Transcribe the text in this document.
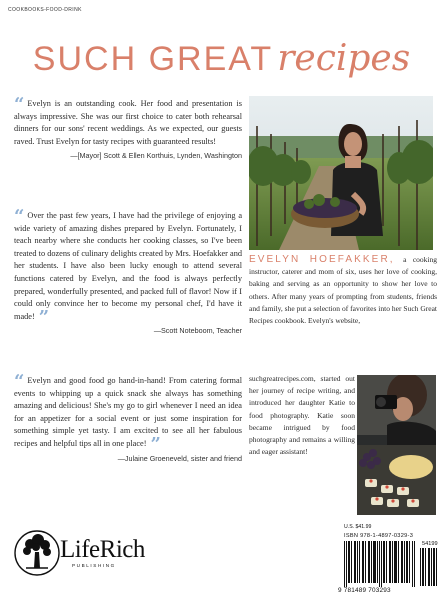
COOKBOOKS-FOOD-DRINK
SUCH GREAT recipes
“ Evelyn is an outstanding cook. Her food and presentation is always impressive. She was our first choice to cater both rehearsal dinners for our sons' recent weddings. As we expected, our guests raved. Trust Evelyn for tasty recipes with guaranteed results!
—[Mayor] Scott & Ellen Korthuis, Lynden, Washington
“ Over the past few years, I have had the privilege of enjoying a wide variety of amazing dishes prepared by Evelyn. Fortunately, I teach nearby where she conducts her cooking classes, so I've been treated to dozens of culinary delights created by Mrs. Hoefakker and her students. I have also been lucky enough to attend several functions catered by Evelyn, and the food is always perfectly prepared, wonderfully presented, and packed full of flavor! Now if I could only convince her to become my personal chef, I'd have it made! ”
—Scott Noteboom, Teacher
“ Evelyn and good food go hand-in-hand! From catering formal events to whipping up a quick snack she always has something amazing and delicious! She's my go to girl whenever I need an idea for an appetizer for a social event or just some inspiration for something simple yet tasty. I am excited to see all her fabulous recipes and helpful tips all in one place! ”
—Julaine Groeneveld, sister and friend
EVELYN HOEFAKKER, a cooking instructor, caterer and mom of six, uses her love of cooking, baking and serving as an opportunity to show her love to others. After many years of prompting from students, friends and family, she put a selection of favorites into her Such Great Recipes cookbook. Evelyn's website,
suchgreatrecipes.com, started out her journey of recipe writing, and introduced her daughter Katie to food photography. Katie soon became intrigued by food photography and remains a willing and eager assistant!
LifeRich
PUBLISHING
U.S. $41.99
ISBN 978-1-4897-0329-3
54199
9 781489 703293
